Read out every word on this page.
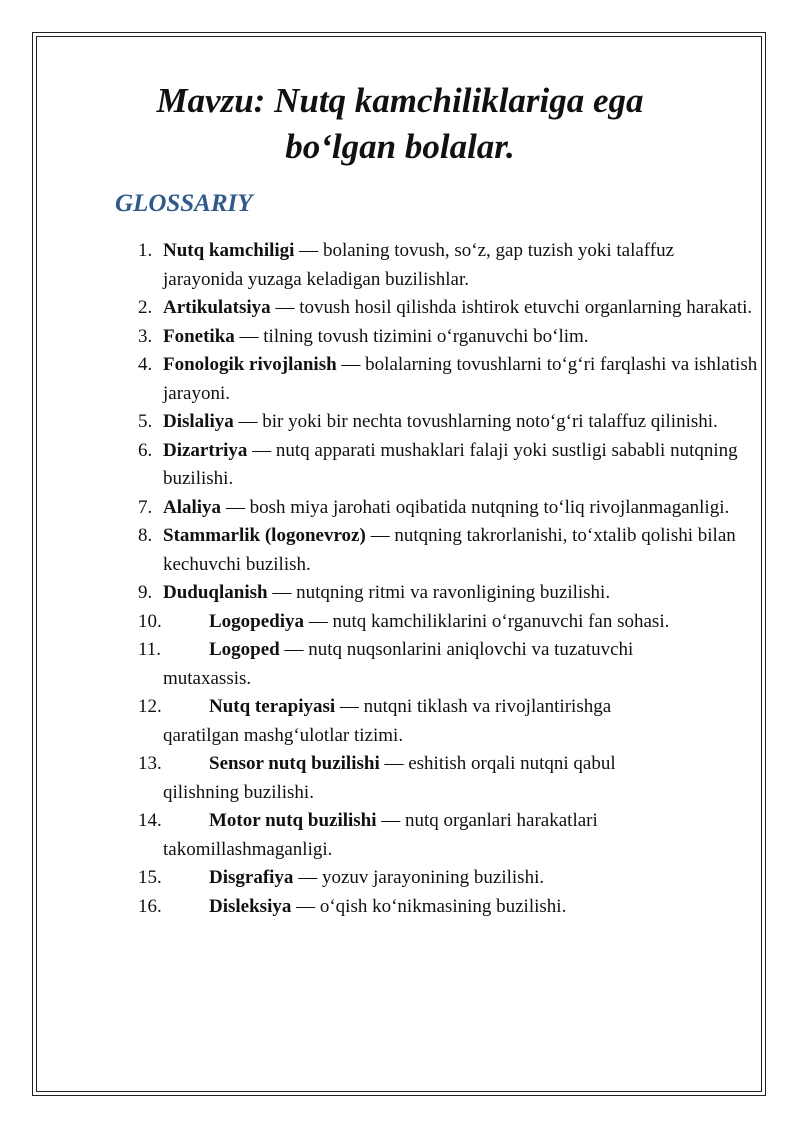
Mavzu: Nutq kamchiliklariga ega
bo‘lgan bolalar.
GLOSSARIY
1. Nutq kamchiligi — bolaning tovush, so‘z, gap tuzish yoki talaffuz jarayonida yuzaga keladigan buzilishlar.
2. Artikulatsiya — tovush hosil qilishda ishtirok etuvchi organlarning harakati.
3. Fonetika — tilning tovush tizimini o‘rganuvchi bo‘lim.
4. Fonologik rivojlanish — bolalarning tovushlarni to‘g‘ri farqlashi va ishlatish jarayoni.
5. Dislaliya — bir yoki bir nechta tovushlarning noto‘g‘ri talaffuz qilinishi.
6. Dizartriya — nutq apparati mushaklari falaji yoki sustligi sababli nutqning buzilishi.
7. Alaliya — bosh miya jarohati oqibatida nutqning to‘liq rivojlanmaganligi.
8. Stammarlik (logonevroz) — nutqning takrorlanishi, to‘xtalib qolishi bilan kechuvchi buzilish.
9. Duduqlanish — nutqning ritmi va ravonligining buzilishi.
10.	Logopediya — nutq kamchiliklarini o‘rganuvchi fan sohasi.
11.	Logoped — nutq nuqsonlarini aniqlovchi va tuzatuvchi
mutaxassis.
12.	Nutq terapiyasi — nutqni tiklash va rivojlantirishga
qaratilgan mashg‘ulotlar tizimi.
13.	Sensor nutq buzilishi — eshitish orqali nutqni qabul
qilishning buzilishi.
14.	Motor nutq buzilishi — nutq organlari harakatlari
takomillashmaganligi.
15.	Disgrafiya — yozuv jarayonining buzilishi.
16.	Disleksiya — o‘qish ko‘nikmasining buzilishi.
